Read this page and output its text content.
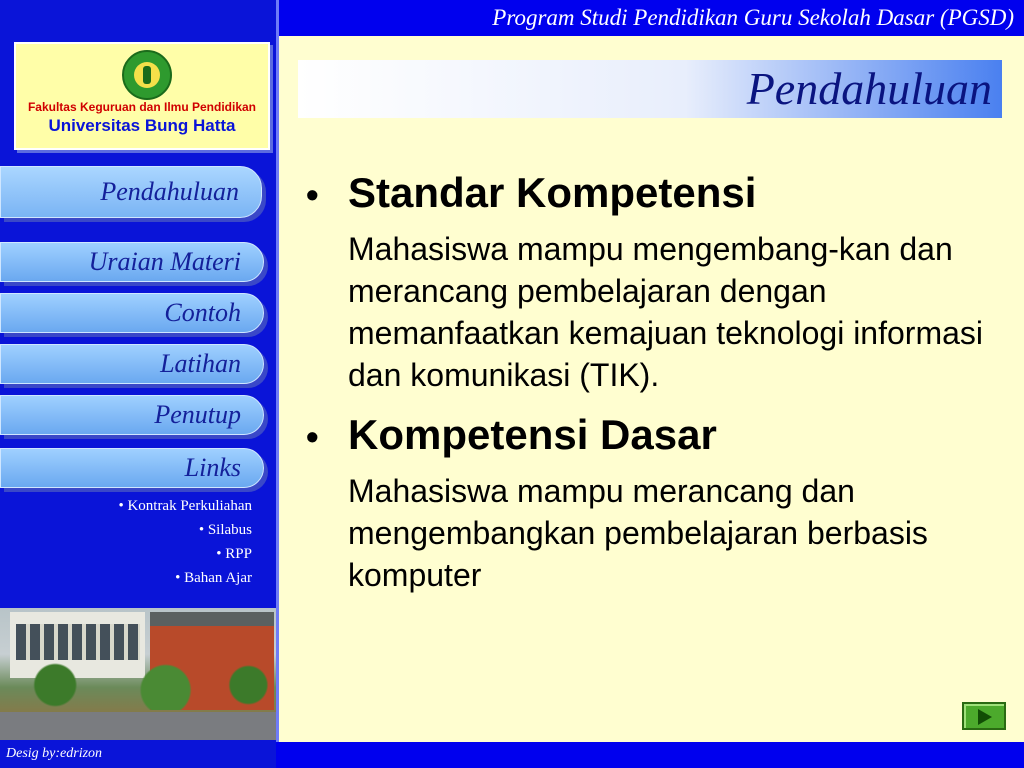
Program Studi Pendidikan Guru Sekolah Dasar (PGSD)
Desig by:edrizon
Fakultas Keguruan dan Ilmu Pendidikan
Universitas Bung Hatta
Pendahuluan
Uraian Materi
Contoh
Latihan
Penutup
Links
• Kontrak Perkuliahan
• Silabus
• RPP
• Bahan Ajar
Pendahuluan
• Standar Kompetensi
Mahasiswa mampu mengembang-kan dan merancang pembelajaran dengan memanfaatkan kemajuan teknologi informasi dan komunikasi (TIK).
• Kompetensi Dasar
Mahasiswa mampu merancang dan mengembangkan pembelajaran berbasis komputer
